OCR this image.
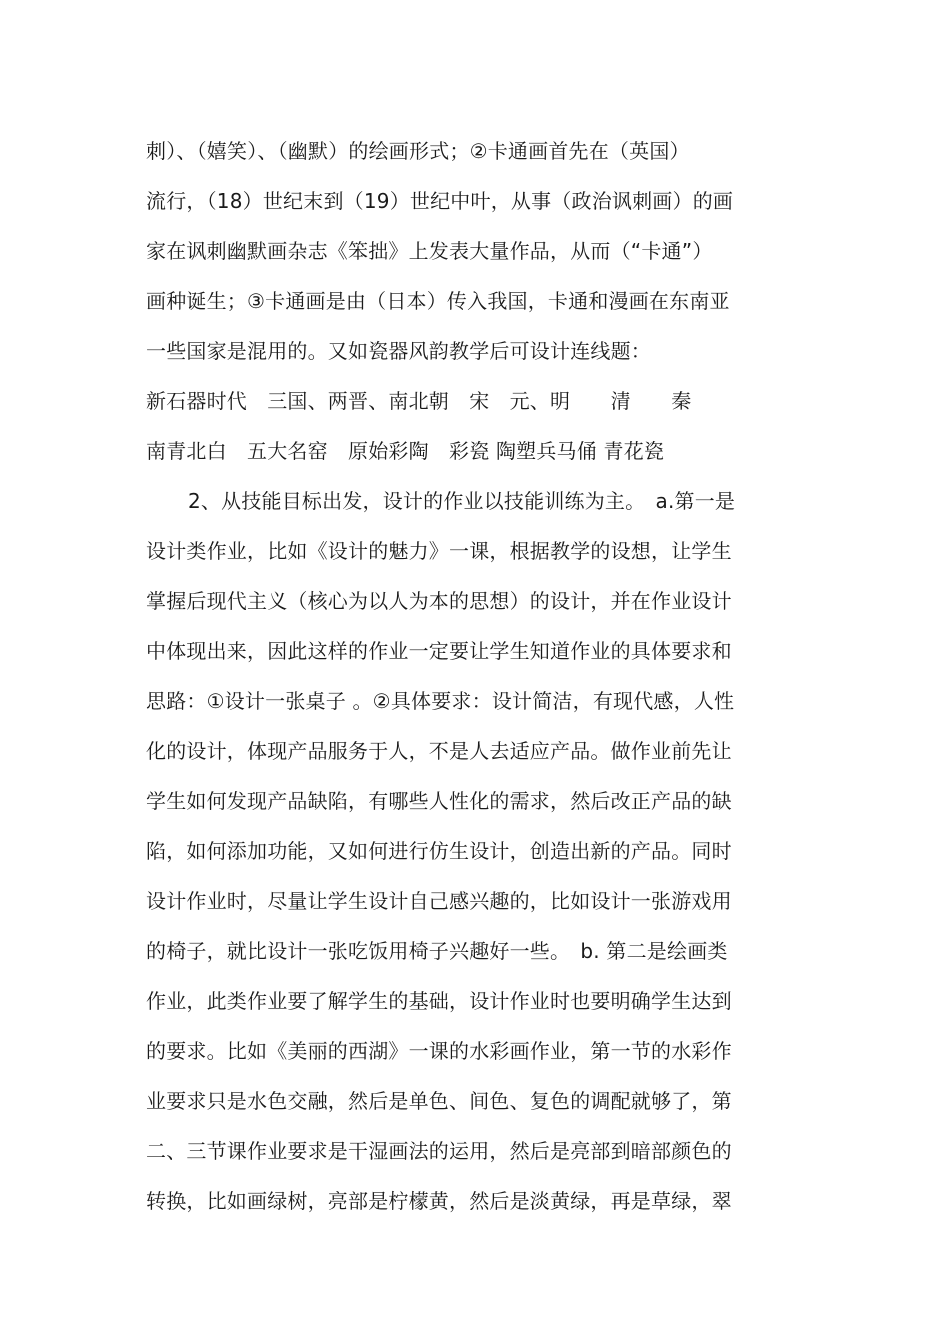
刺）、（嬉笑）、（幽默）的绘画形式；②卡通画首先在（英国）
流行，（18）世纪末到（19）世纪中叶，从事（政治讽刺画）的画
家在讽刺幽默画杂志《笨拙》上发表大量作品，从而（“卡通”）
画种诞生；③卡通画是由（日本）传入我国，卡通和漫画在东南亚
一些国家是混用的。又如瓷器风韵教学后可设计连线题：
新石器时代　三国、两晋、南北朝　宋　元、明　　清　　秦
南青北白　五大名窑　原始彩陶　彩瓷 陶塑兵马俑 青花瓷
2、从技能目标出发，设计的作业以技能训练为主。　a.第一是
设计类作业，比如《设计的魅力》一课，根据教学的设想，让学生
掌握后现代主义（核心为以人为本的思想）的设计，并在作业设计
中体现出来，因此这样的作业一定要让学生知道作业的具体要求和
思路：①设计一张桌子 。②具体要求：设计简洁，有现代感，人性
化的设计，体现产品服务于人，不是人去适应产品。做作业前先让
学生如何发现产品缺陷，有哪些人性化的需求，然后改正产品的缺
陷，如何添加功能，又如何进行仿生设计，创造出新的产品。同时
设计作业时，尽量让学生设计自己感兴趣的，比如设计一张游戏用
的椅子，就比设计一张吃饭用椅子兴趣好一些。　b. 第二是绘画类
作业，此类作业要了解学生的基础，设计作业时也要明确学生达到
的要求。比如《美丽的西湖》一课的水彩画作业，第一节的水彩作
业要求只是水色交融，然后是单色、间色、复色的调配就够了，第
二、三节课作业要求是干湿画法的运用，然后是亮部到暗部颜色的
转换，比如画绿树，亮部是柠檬黄，然后是淡黄绿，再是草绿，翠
